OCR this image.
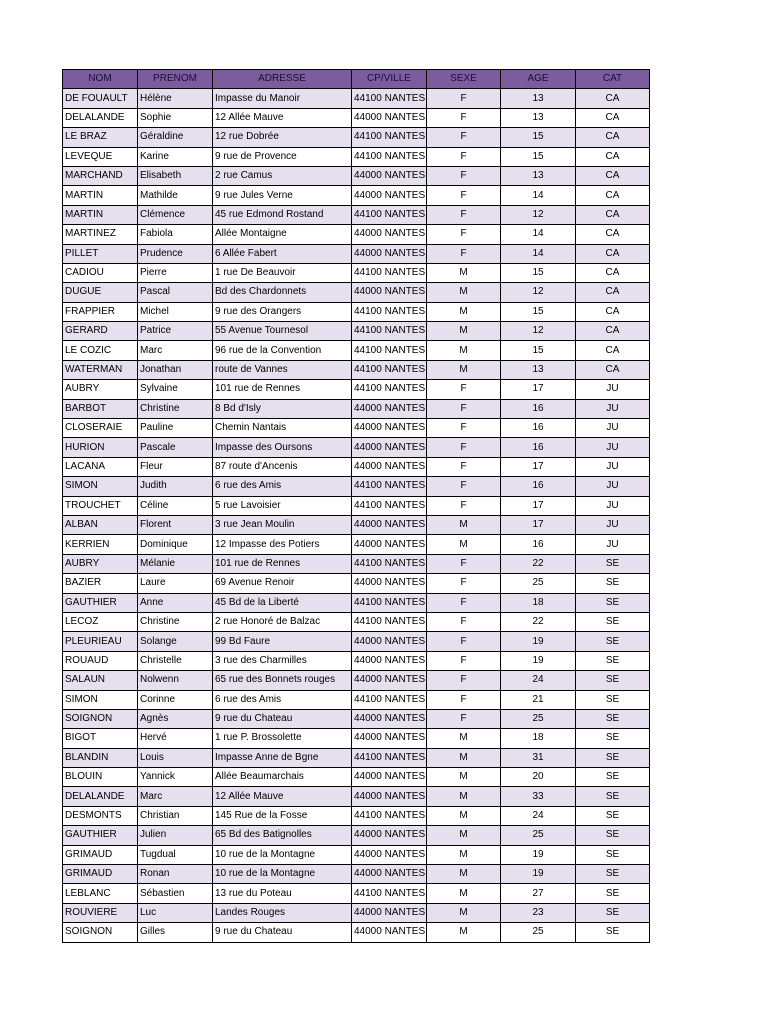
NOM	PRENOM	ADRESSE	CP/VILLE	SEXE	AGE	CAT
DE FOUAULT	Hélène	Impasse du Manoir	44100 NANTES	F	13	CA
DELALANDE	Sophie	12 Allée Mauve	44000 NANTES	F	13	CA
LE BRAZ	Géraldine	12 rue Dobrée	44100 NANTES	F	15	CA
LEVEQUE	Karine	9 rue de Provence	44100 NANTES	F	15	CA
MARCHAND	Elisabeth	2 rue Camus	44000 NANTES	F	13	CA
MARTIN	Mathilde	9 rue Jules Verne	44000 NANTES	F	14	CA
MARTIN	Clémence	45 rue Edmond Rostand	44100 NANTES	F	12	CA
MARTINEZ	Fabiola	Allée Montaigne	44000 NANTES	F	14	CA
PILLET	Prudence	6 Allée Fabert	44000 NANTES	F	14	CA
CADIOU	Pierre	1 rue De Beauvoir	44100 NANTES	M	15	CA
DUGUE	Pascal	Bd des Chardonnets	44000 NANTES	M	12	CA
FRAPPIER	Michel	9 rue des Orangers	44100 NANTES	M	15	CA
GERARD	Patrice	55 Avenue Tournesol	44100 NANTES	M	12	CA
LE COZIC	Marc	96 rue de la Convention	44100 NANTES	M	15	CA
WATERMAN	Jonathan	route de Vannes	44100 NANTES	M	13	CA
AUBRY	Sylvaine	101 rue de Rennes	44100 NANTES	F	17	JU
BARBOT	Christine	8 Bd d'Isly	44000 NANTES	F	16	JU
CLOSERAIE	Pauline	Chemin Nantais	44000 NANTES	F	16	JU
HURION	Pascale	Impasse des Oursons	44000 NANTES	F	16	JU
LACANA	Fleur	87 route d'Ancenis	44000 NANTES	F	17	JU
SIMON	Judith	6 rue des Amis	44100 NANTES	F	16	JU
TROUCHET	Céline	5 rue Lavoisier	44100 NANTES	F	17	JU
ALBAN	Florent	3 rue Jean Moulin	44000 NANTES	M	17	JU
KERRIEN	Dominique	12 Impasse des Potiers	44000 NANTES	M	16	JU
AUBRY	Mélanie	101 rue de Rennes	44100 NANTES	F	22	SE
BAZIER	Laure	69 Avenue Renoir	44000 NANTES	F	25	SE
GAUTHIER	Anne	45 Bd de la Liberté	44100 NANTES	F	18	SE
LECOZ	Christine	2 rue Honoré de Balzac	44100 NANTES	F	22	SE
PLEURIEAU	Solange	99 Bd Faure	44000 NANTES	F	19	SE
ROUAUD	Christelle	3 rue des Charmilles	44000 NANTES	F	19	SE
SALAUN	Nolwenn	65 rue des Bonnets rouges	44000 NANTES	F	24	SE
SIMON	Corinne	6 rue des Amis	44100 NANTES	F	21	SE
SOIGNON	Agnès	9 rue du Chateau	44000 NANTES	F	25	SE
BIGOT	Hervé	1 rue P. Brossolette	44000 NANTES	M	18	SE
BLANDIN	Louis	Impasse Anne de Bgne	44100 NANTES	M	31	SE
BLOUIN	Yannick	Allée Beaumarchais	44000 NANTES	M	20	SE
DELALANDE	Marc	12 Allée Mauve	44000 NANTES	M	33	SE
DESMONTS	Christian	145 Rue de la Fosse	44100 NANTES	M	24	SE
GAUTHIER	Julien	65 Bd des Batignolles	44000 NANTES	M	25	SE
GRIMAUD	Tugdual	10 rue de la Montagne	44000 NANTES	M	19	SE
GRIMAUD	Ronan	10 rue de la Montagne	44000 NANTES	M	19	SE
LEBLANC	Sébastien	13 rue du Poteau	44100 NANTES	M	27	SE
ROUVIERE	Luc	Landes Rouges	44000 NANTES	M	23	SE
SOIGNON	Gilles	9 rue du Chateau	44000 NANTES	M	25	SE
